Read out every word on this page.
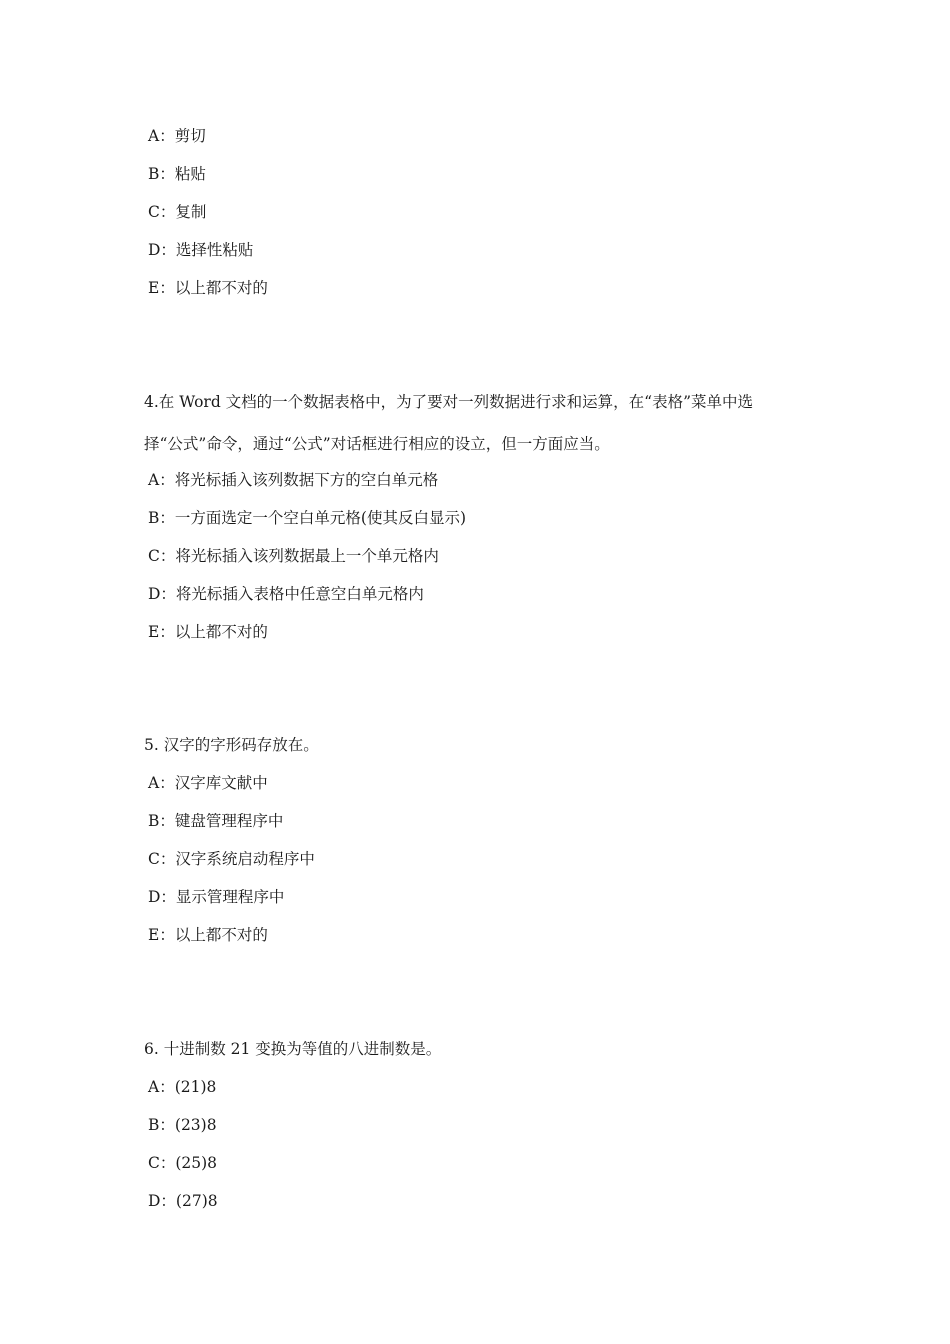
A：剪切
B：粘贴
C：复制
D：选择性粘贴
E：以上都不对的
4.在 Word 文档的一个数据表格中，为了要对一列数据进行求和运算，在“表格”菜单中选
择“公式”命令，通过“公式”对话框进行相应的设立，但一方面应当。
A：将光标插入该列数据下方的空白单元格
B：一方面选定一个空白单元格(使其反白显示)
C：将光标插入该列数据最上一个单元格内
D：将光标插入表格中任意空白单元格内
E：以上都不对的
5. 汉字的字形码存放在。
A：汉字库文献中
B：键盘管理程序中
C：汉字系统启动程序中
D：显示管理程序中
E：以上都不对的
6. 十进制数 21 变换为等值的八进制数是。
A：(21)8
B：(23)8
C：(25)8
D：(27)8
